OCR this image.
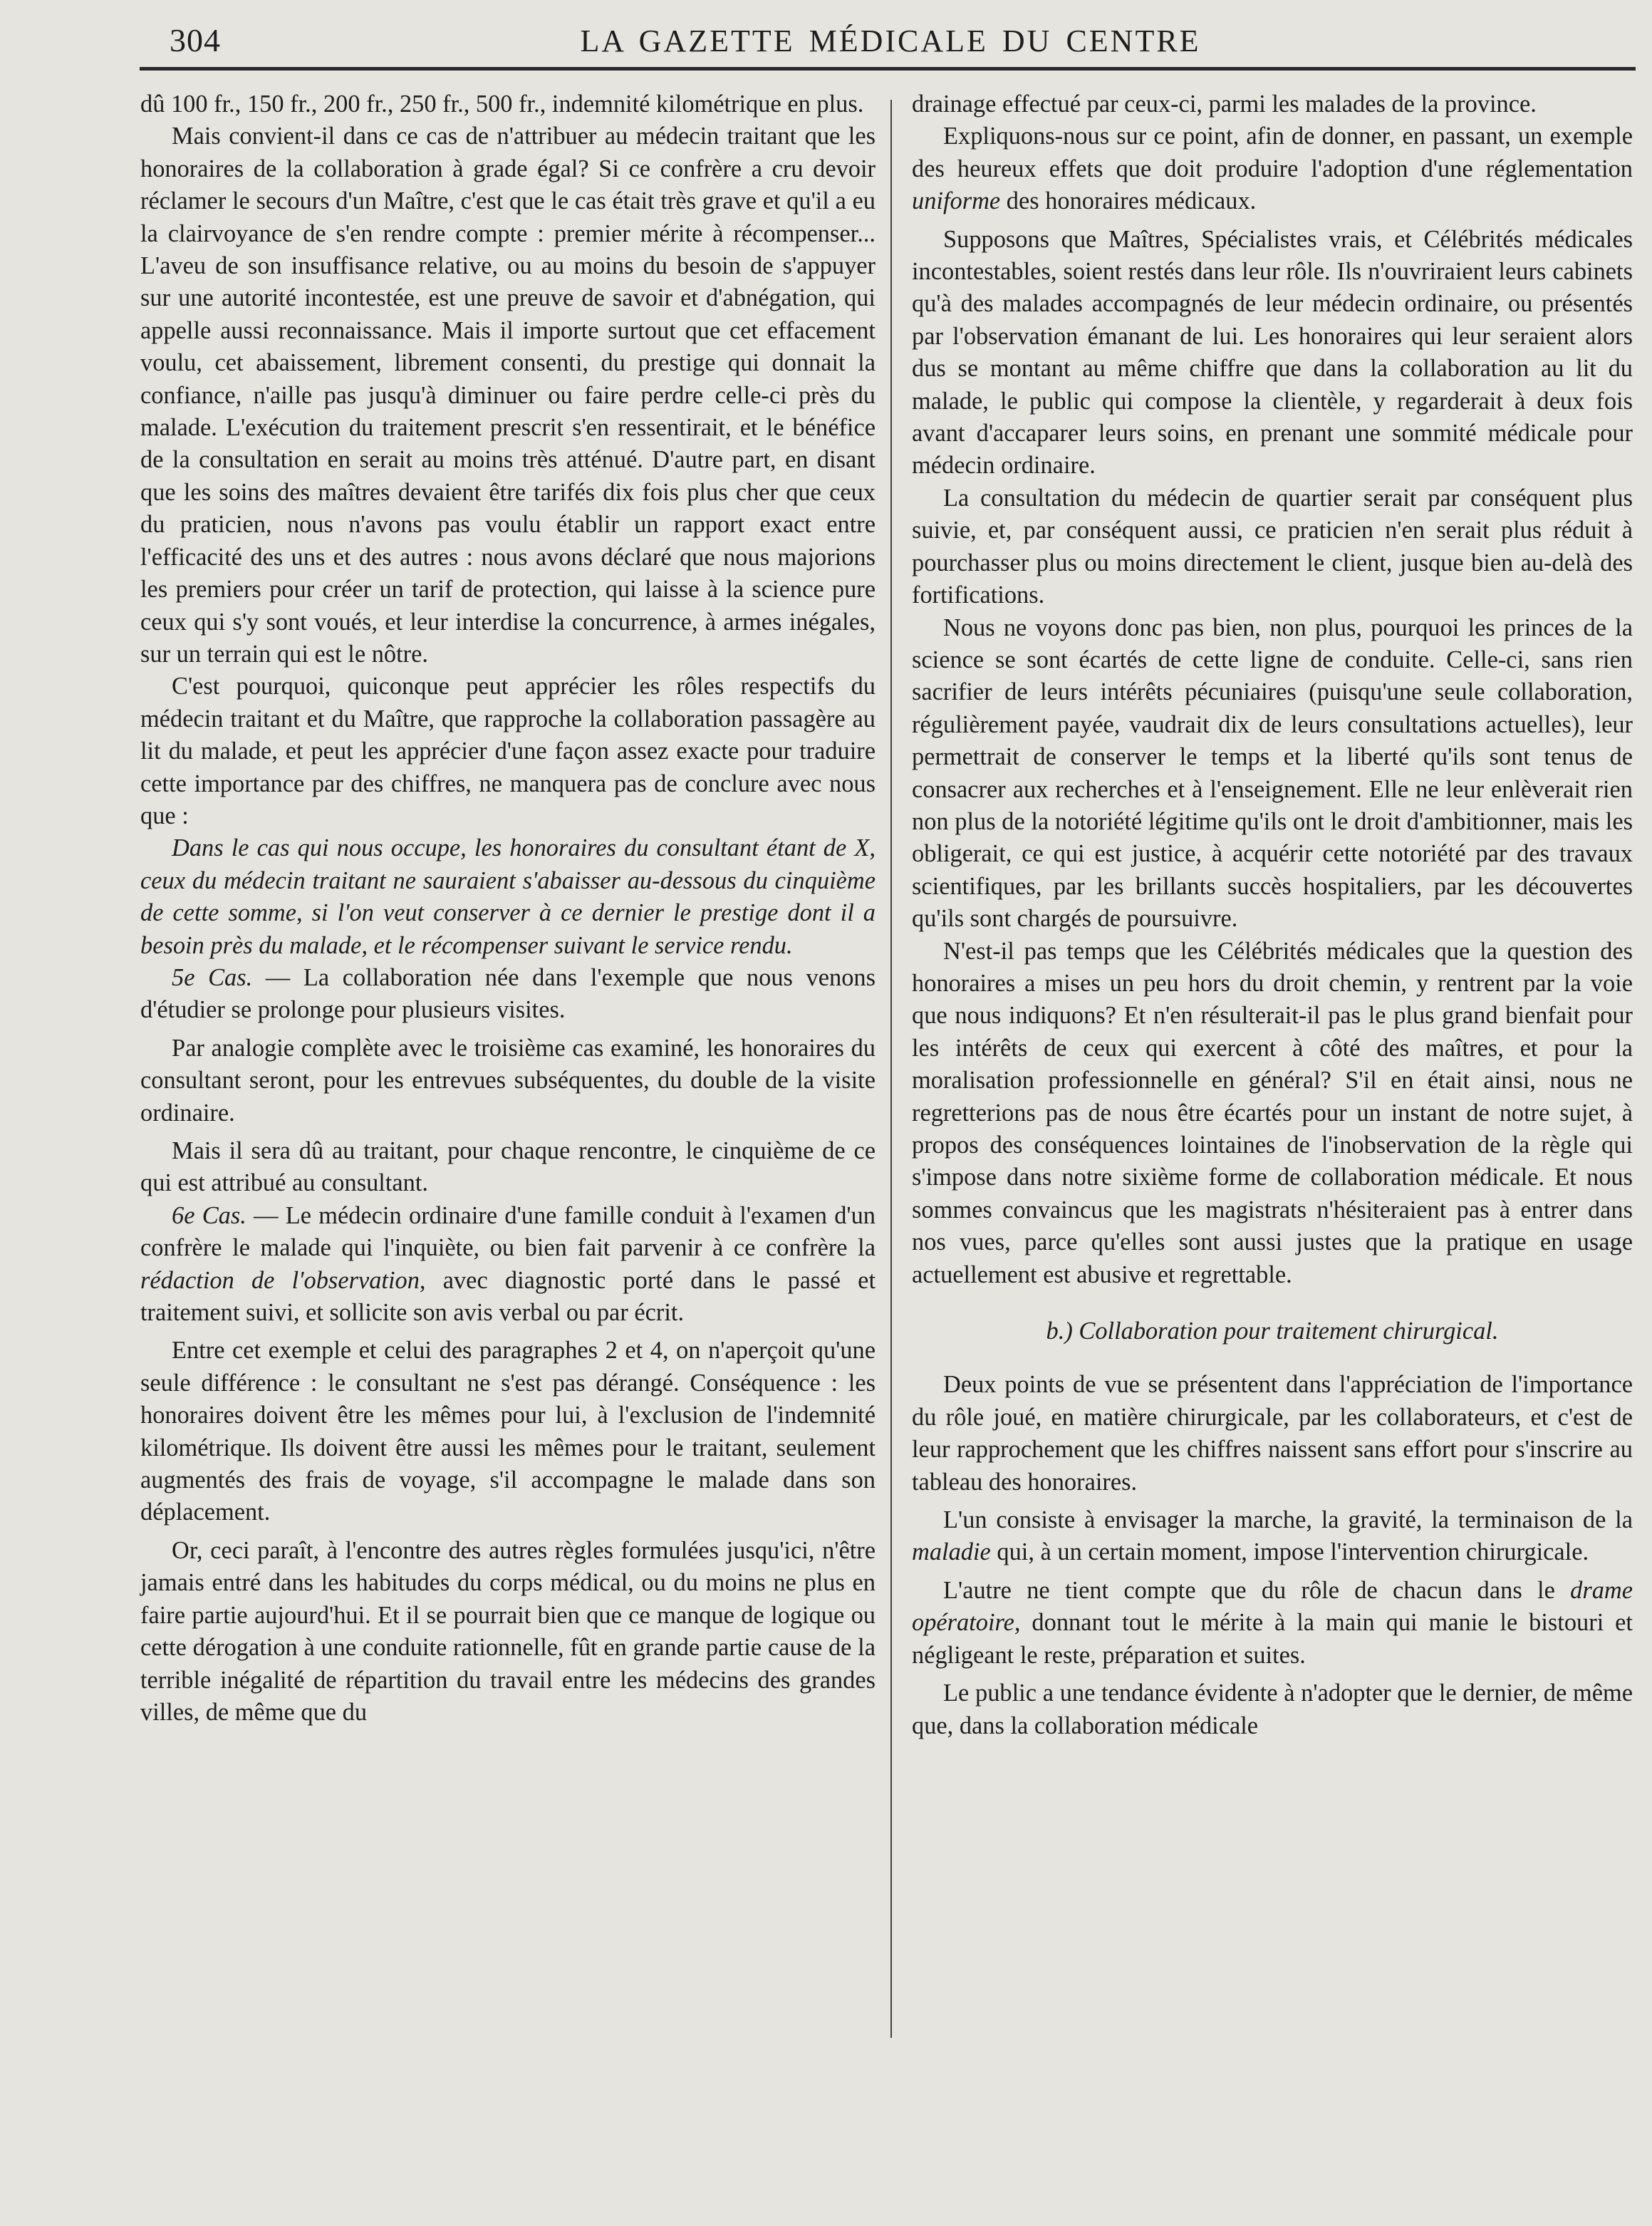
304	LA GAZETTE MÉDICALE DU CENTRE

dû 100 fr., 150 fr., 200 fr., 250 fr., 500 fr., indemnité kilométrique en plus.

Mais convient-il dans ce cas de n'attribuer au médecin traitant que les honoraires de la collaboration à grade égal? Si ce confrère a cru devoir réclamer le secours d'un Maître, c'est que le cas était très grave et qu'il a eu la clairvoyance de s'en rendre compte : premier mérite à récompenser... L'aveu de son insuffisance relative, ou au moins du besoin de s'appuyer sur une autorité incontestée, est une preuve de savoir et d'abnégation, qui appelle aussi reconnaissance. Mais il importe surtout que cet effacement voulu, cet abaissement, librement consenti, du prestige qui donnait la confiance, n'aille pas jusqu'à diminuer ou faire perdre celle-ci près du malade. L'exécution du traitement prescrit s'en ressentirait, et le bénéfice de la consultation en serait au moins très atténué. D'autre part, en disant que les soins des maîtres devaient être tarifés dix fois plus cher que ceux du praticien, nous n'avons pas voulu établir un rapport exact entre l'efficacité des uns et des autres : nous avons déclaré que nous majorions les premiers pour créer un tarif de protection, qui laisse à la science pure ceux qui s'y sont voués, et leur interdise la concurrence, à armes inégales, sur un terrain qui est le nôtre.

C'est pourquoi, quiconque peut apprécier les rôles respectifs du médecin traitant et du Maître, que rapproche la collaboration passagère au lit du malade, et peut les apprécier d'une façon assez exacte pour traduire cette importance par des chiffres, ne manquera pas de conclure avec nous que :

Dans le cas qui nous occupe, les honoraires du consultant étant de X, ceux du médecin traitant ne sauraient s'abaisser au-dessous du cinquième de cette somme, si l'on veut conserver à ce dernier le prestige dont il a besoin près du malade, et le récompenser suivant le service rendu.

5e Cas. — La collaboration née dans l'exemple que nous venons d'étudier se prolonge pour plusieurs visites.

Par analogie complète avec le troisième cas examiné, les honoraires du consultant seront, pour les entrevues subséquentes, du double de la visite ordinaire.

Mais il sera dû au traitant, pour chaque rencontre, le cinquième de ce qui est attribué au consultant.

6e Cas. — Le médecin ordinaire d'une famille conduit à l'examen d'un confrère le malade qui l'inquiète, ou bien fait parvenir à ce confrère la rédaction de l'observation, avec diagnostic porté dans le passé et traitement suivi, et sollicite son avis verbal ou par écrit.

Entre cet exemple et celui des paragraphes 2 et 4, on n'aperçoit qu'une seule différence : le consultant ne s'est pas dérangé. Conséquence : les honoraires doivent être les mêmes pour lui, à l'exclusion de l'indemnité kilométrique. Ils doivent être aussi les mêmes pour le traitant, seulement augmentés des frais de voyage, s'il accompagne le malade dans son déplacement.

Or, ceci paraît, à l'encontre des autres règles formulées jusqu'ici, n'être jamais entré dans les habitudes du corps médical, ou du moins ne plus en faire partie aujourd'hui. Et il se pourrait bien que ce manque de logique ou cette dérogation à une conduite rationnelle, fût en grande partie cause de la terrible inégalité de répartition du travail entre les médecins des grandes villes, de même que du

drainage effectué par ceux-ci, parmi les malades de la province.

Expliquons-nous sur ce point, afin de donner, en passant, un exemple des heureux effets que doit produire l'adoption d'une réglementation uniforme des honoraires médicaux.

Supposons que Maîtres, Spécialistes vrais, et Célébrités médicales incontestables, soient restés dans leur rôle. Ils n'ouvriraient leurs cabinets qu'à des malades accompagnés de leur médecin ordinaire, ou présentés par l'observation émanant de lui. Les honoraires qui leur seraient alors dus se montant au même chiffre que dans la collaboration au lit du malade, le public qui compose la clientèle, y regarderait à deux fois avant d'accaparer leurs soins, en prenant une sommité médicale pour médecin ordinaire.

La consultation du médecin de quartier serait par conséquent plus suivie, et, par conséquent aussi, ce praticien n'en serait plus réduit à pourchasser plus ou moins directement le client, jusque bien au-delà des fortifications.

Nous ne voyons donc pas bien, non plus, pourquoi les princes de la science se sont écartés de cette ligne de conduite. Celle-ci, sans rien sacrifier de leurs intérêts pécuniaires (puisqu'une seule collaboration, régulièrement payée, vaudrait dix de leurs consultations actuelles), leur permettrait de conserver le temps et la liberté qu'ils sont tenus de consacrer aux recherches et à l'enseignement. Elle ne leur enlèverait rien non plus de la notoriété légitime qu'ils ont le droit d'ambitionner, mais les obligerait, ce qui est justice, à acquérir cette notoriété par des travaux scientifiques, par les brillants succès hospitaliers, par les découvertes qu'ils sont chargés de poursuivre.

N'est-il pas temps que les Célébrités médicales que la question des honoraires a mises un peu hors du droit chemin, y rentrent par la voie que nous indiquons? Et n'en résulterait-il pas le plus grand bienfait pour les intérêts de ceux qui exercent à côté des maîtres, et pour la moralisation professionnelle en général? S'il en était ainsi, nous ne regretterions pas de nous être écartés pour un instant de notre sujet, à propos des conséquences lointaines de l'inobservation de la règle qui s'impose dans notre sixième forme de collaboration médicale. Et nous sommes convaincus que les magistrats n'hésiteraient pas à entrer dans nos vues, parce qu'elles sont aussi justes que la pratique en usage actuellement est abusive et regrettable.

b.) Collaboration pour traitement chirurgical.

Deux points de vue se présentent dans l'appréciation de l'importance du rôle joué, en matière chirurgicale, par les collaborateurs, et c'est de leur rapprochement que les chiffres naissent sans effort pour s'inscrire au tableau des honoraires.

L'un consiste à envisager la marche, la gravité, la terminaison de la maladie qui, à un certain moment, impose l'intervention chirurgicale.

L'autre ne tient compte que du rôle de chacun dans le drame opératoire, donnant tout le mérite à la main qui manie le bistouri et négligeant le reste, préparation et suites.

Le public a une tendance évidente à n'adopter que le dernier, de même que, dans la collaboration médicale
